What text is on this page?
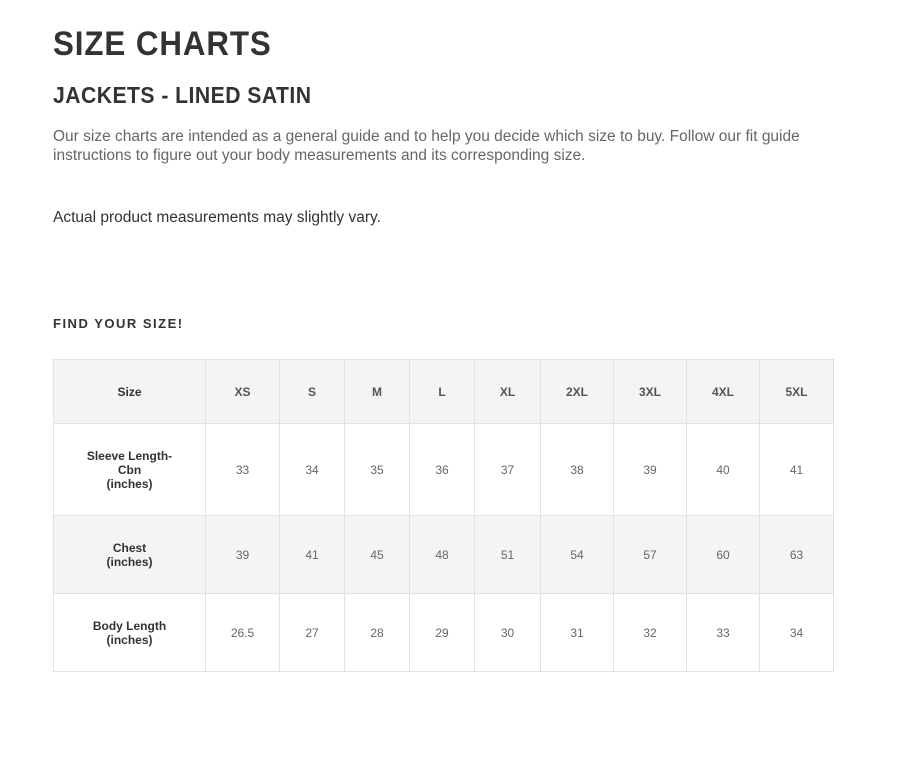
SIZE CHARTS
JACKETS - LINED SATIN

Our size charts are intended as a general guide and to help you decide which size to buy. Follow our fit guide instructions to figure out your body measurements and its corresponding size.

Actual product measurements may slightly vary.

FIND YOUR SIZE!
Size	XS	S	M	L	XL	2XL	3XL	4XL	5XL

Sleeve Length-
Cbn
(inches)	33	34	35	36	37	38	39	40	41

Chest
(inches)	39	41	45	48	51	54	57	60	63

Body Length
(inches)	26.5	27	28	29	30	31	32	33	34
